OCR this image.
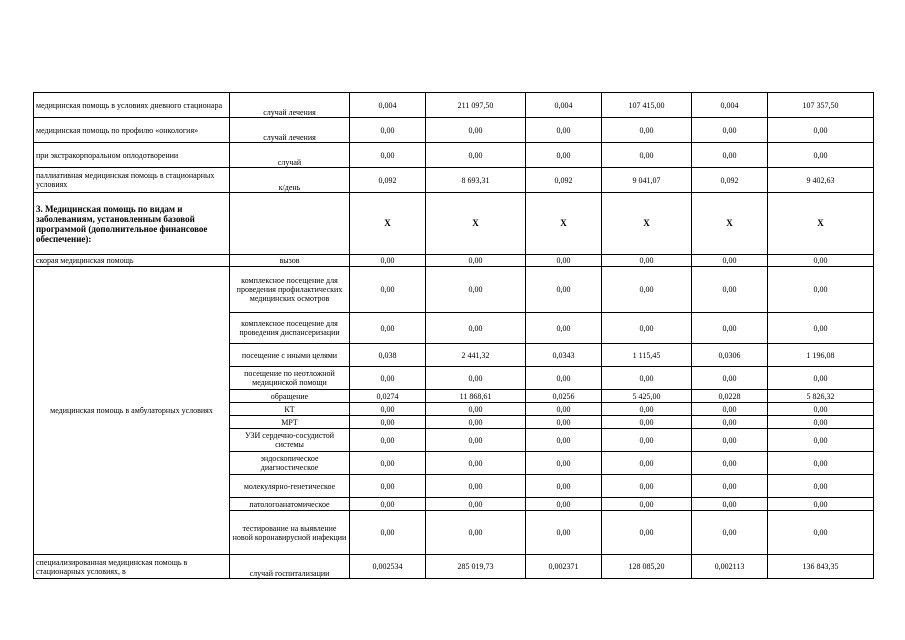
медицинская помощь в условиях дневного стационара	случай лечения	0,004	211 097,50	0,004	107 415,00	0,004	107 357,50
медицинская помощь по профилю «онкология»	случай лечения	0,00	0,00	0,00	0,00	0,00	0,00
при экстракорпоральном оплодотворении	случай	0,00	0,00	0,00	0,00	0,00	0,00
паллиативная медицинская помощь в стационарных условиях	к/день	0,092	8 693,31	0,092	9 041,07	0,092	9 402,63
3. Медицинская помощь по видам и заболеваниям, установленным базовой программой (дополнительное финансовое обеспечение):		X	X	X	X	X	X
скорая медицинская помощь	вызов	0,00	0,00	0,00	0,00	0,00	0,00
медицинская помощь в амбулаторных условиях	комплексное посещение для проведения профилактических медицинских осмотров	0,00	0,00	0,00	0,00	0,00	0,00
	комплексное посещение для проведения диспансеризации	0,00	0,00	0,00	0,00	0,00	0,00
	посещение с иными целями	0,038	2 441,32	0,0343	1 115,45	0,0306	1 196,08
	посещение по неотложной медицинской помощи	0,00	0,00	0,00	0,00	0,00	0,00
	обращение	0,0274	11 868,61	0,0256	5 425,00	0,0228	5 826,32
	КТ	0,00	0,00	0,00	0,00	0,00	0,00
	МРТ	0,00	0,00	0,00	0,00	0,00	0,00
	УЗИ сердечно-сосудистой системы	0,00	0,00	0,00	0,00	0,00	0,00
	эндоскопическое диагностическое	0,00	0,00	0,00	0,00	0,00	0,00
	молекулярно-генетическое	0,00	0,00	0,00	0,00	0,00	0,00
	патологоанатомическое	0,00	0,00	0,00	0,00	0,00	0,00
	тестирование на выявление новой коронавирусной инфекции	0,00	0,00	0,00	0,00	0,00	0,00
специализированная медицинская помощь в стационарных условиях, в	случай госпитализации	0,002534	285 019,73	0,002371	128 085,20	0,002113	136 843,35
